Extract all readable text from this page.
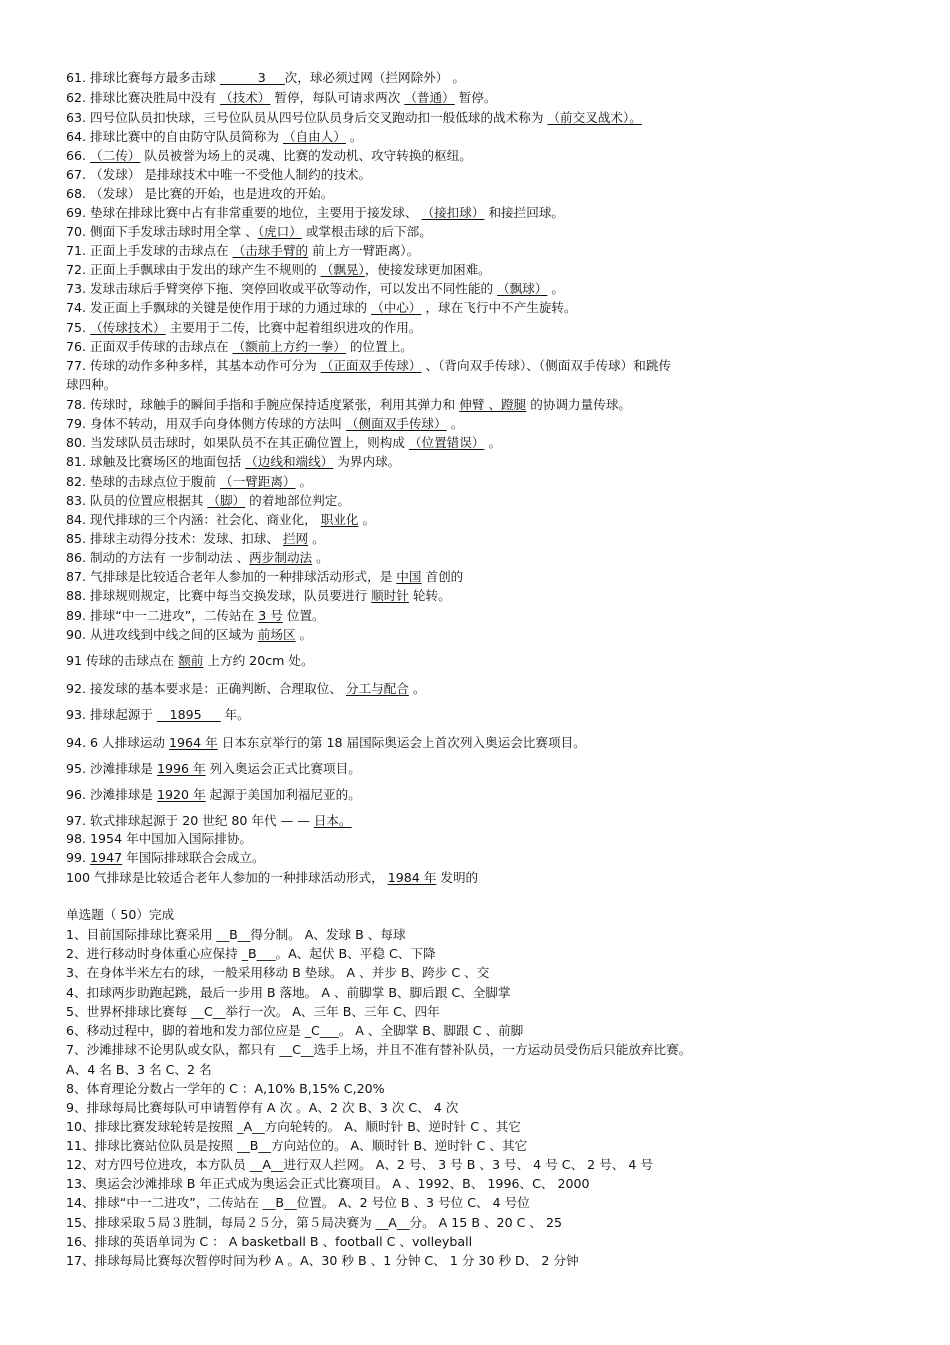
61. 排球比赛每方最多击球 ______3___次，球必须过网（拦网除外） 。
62. 排球比赛决胜局中没有 （技术） 暂停，每队可请求两次 （普通） 暂停。
63. 四号位队员扣快球，三号位队员从四号位队员身后交叉跑动扣一般低球的战术称为 （前交叉战术）。
64. 排球比赛中的自由防守队员简称为 （自由人） 。
66. （二传） 队员被誉为场上的灵魂、比赛的发动机、攻守转换的枢纽。
67. （发球） 是排球技术中唯一不受他人制约的技术。
68. （发球） 是比赛的开始，也是进攻的开始。
69. 垫球在排球比赛中占有非常重要的地位，主要用于接发球、 （接扣球） 和接拦回球。
70. 侧面下手发球击球时用全掌 、（虎口） 或掌根击球的后下部。
71. 正面上手发球的击球点在 （击球手臂的 前上方一臂距离）。
72. 正面上手飘球由于发出的球产生不规则的 （飘晃），使接发球更加困难。
73. 发球击球后手臂突停下拖、突停回收或平砍等动作，可以发出不同性能的 （飘球） 。
74. 发正面上手飘球的关键是使作用于球的力通过球的 （中心） ，球在飞行中不产生旋转。
75. （传球技术） 主要用于二传，比赛中起着组织进攻的作用。
76. 正面双手传球的击球点在 （额前上方约一拳） 的位置上。
77. 传球的动作多种多样，其基本动作可分为 （正面双手传球） 、（背向双手传球）、（侧面双手传球）和跳传
球四种。
78. 传球时，球触手的瞬间手指和手腕应保持适度紧张，利用其弹力和 伸臂 、蹬腿 的协调力量传球。
79. 身体不转动，用双手向身体侧方传球的方法叫 （侧面双手传球） 。
80. 当发球队员击球时，如果队员不在其正确位置上，则构成 （位置错误） 。
81. 球触及比赛场区的地面包括 （边线和端线） 为界内球。
82. 垫球的击球点位于腹前 （一臂距离） 。
83. 队员的位置应根据其 （脚） 的着地部位判定。
84. 现代排球的三个内涵：社会化、商业化， 职业化 。
85. 排球主动得分技术：发球、扣球、 拦网 。
86. 制动的方法有 一步制动法 、两步制动法 。
87. 气排球是比较适合老年人参加的一种排球活动形式，是 中国 首创的
88. 排球规则规定，比赛中每当交换发球，队员要进行 顺时针 轮转。
89. 排球“中一二进攻”，二传站在 3 号 位置。
90. 从进攻线到中线之间的区域为 前场区 。
91 传球的击球点在 额前 上方约 20cm 处。
92. 接发球的基本要求是：正确判断、合理取位、 分工与配合 。
93. 排球起源于 __1895___ 年。
94. 6 人排球运动 1964 年 日本东京举行的第 18 届国际奥运会上首次列入奥运会比赛项目。
95. 沙滩排球是 1996 年 列入奥运会正式比赛项目。
96. 沙滩排球是 1920 年 起源于美国加利福尼亚的。
97. 软式排球起源于 20 世纪 80 年代 — — 日本。
98. 1954 年中国加入国际排协。
99. 1947 年国际排球联合会成立。
100 气排球是比较适合老年人参加的一种排球活动形式， 1984 年 发明的
单选题（ 50）完成
1、目前国际排球比赛采用 __B__得分制。 A、发球 B 、每球
2、进行移动时身体重心应保持 _B___。A、起伏 B、平稳 C、下降
3、在身体半米左右的球，一般采用移动 B 垫球。 A 、并步 B、跨步 C 、交
4、扣球两步助跑起跳，最后一步用 B 落地。 A 、前脚掌 B、脚后跟 C、全脚掌
5、世界杯排球比赛每 __C__举行一次。 A、三年 B、三年 C、四年
6、移动过程中，脚的着地和发力部位应是 _C___。 A 、全脚掌 B、脚跟 C 、前脚
7、沙滩排球不论男队或女队，都只有 __C__选手上场，并且不准有替补队员，一方运动员受伤后只能放弃比赛。
A、4 名 B、3 名 C、2 名
8、体育理论分数占一学年的 C ：A,10% B,15% C,20%
9、排球每局比赛每队可申请暂停有 A 次 。A、2 次 B、3 次 C、 4 次
10、排球比赛发球轮转是按照 _A__方向轮转的。 A、顺时针 B、逆时针 C 、其它
11、排球比赛站位队员是按照 __B__方向站位的。 A、顺时针 B、逆时针 C 、其它
12、对方四号位进攻，本方队员 __A__进行双人拦网。 A、2 号、 3 号 B 、3 号、 4 号 C、 2 号、 4 号
13、奥运会沙滩排球 B 年正式成为奥运会正式比赛项目。 A 、1992、B、 1996、C、 2000
14、排球“中一二进攻”，二传站在 __B__位置。 A、2 号位 B 、3 号位 C、 4 号位
15、排球采取５局３胜制，每局２５分，第５局决赛为 __A__分。 A 15 B 、20 C 、 25
16、排球的英语单词为 C ： A basketball B 、football C 、volleyball
17、排球每局比赛每次暂停时间为秒 A 。A、30 秒 B 、1 分钟 C、 1 分 30 秒 D、 2 分钟
